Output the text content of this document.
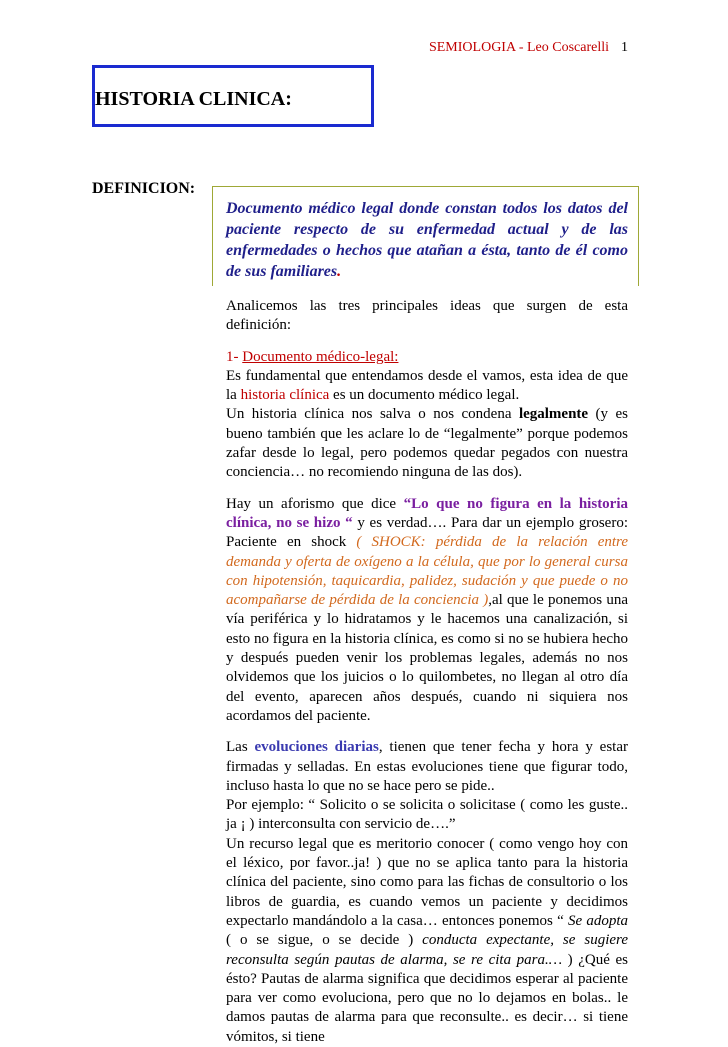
SEMIOLOGIA - Leo Coscarelli 1
HISTORIA CLINICA:
DEFINICION:
Documento médico legal donde constan todos los datos del paciente respecto de su enfermedad actual y de las enfermedades o hechos que atañan a ésta, tanto de él como de sus familiares.

Analicemos las tres principales ideas que surgen de esta definición:

1- Documento médico-legal:

Es fundamental que entendamos desde el vamos, esta idea de que la historia clínica es un documento médico legal.

Un historia clínica nos salva o nos condena legalmente (y es bueno también que les aclare lo de “legalmente” porque podemos zafar desde lo legal, pero podemos quedar pegados con nuestra conciencia… no recomiendo ninguna de las dos).

Hay un aforismo que dice “Lo que no figura en la historia clínica, no se hizo “ y es verdad…. Para dar un ejemplo grosero: Paciente en shock ( SHOCK: pérdida de la relación entre demanda y oferta de oxígeno a la célula, que por lo general cursa con hipotensión, taquicardia, palidez, sudación y que puede o no acompañarse de pérdida de la conciencia ),al que le ponemos una vía periférica y lo hidratamos y le hacemos una canalización, si esto no figura en la historia clínica, es como si no se hubiera hecho y después pueden venir los problemas legales, además no nos olvidemos que los juicios o lo quilombetes, no llegan al otro día del evento, aparecen años después, cuando ni siquiera nos acordamos del paciente.

Las evoluciones diarias, tienen que tener fecha y hora y estar firmadas y selladas. En estas evoluciones tiene que figurar todo, incluso hasta lo que no se hace pero se pide..

Por ejemplo: “ Solicito o se solicita o solicitase ( como les guste.. ja ¡ ) interconsulta con servicio de….”

Un recurso legal que es meritorio conocer ( como vengo hoy con el léxico, por favor..ja! ) que no se aplica tanto para la historia clínica del paciente, sino como para las fichas de consultorio o los libros de guardia, es cuando vemos un paciente y decidimos expectarlo mandándolo a la casa… entonces ponemos “ Se adopta ( o se sigue, o se decide ) conducta expectante, se sugiere reconsulta según pautas de alarma, se re cita para.… ) ¿Qué es ésto? Pautas de alarma significa que decidimos esperar al paciente para ver como evoluciona, pero que no lo dejamos en bolas.. le damos pautas de alarma para que reconsulte.. es decir… si tiene vómitos, si tiene
